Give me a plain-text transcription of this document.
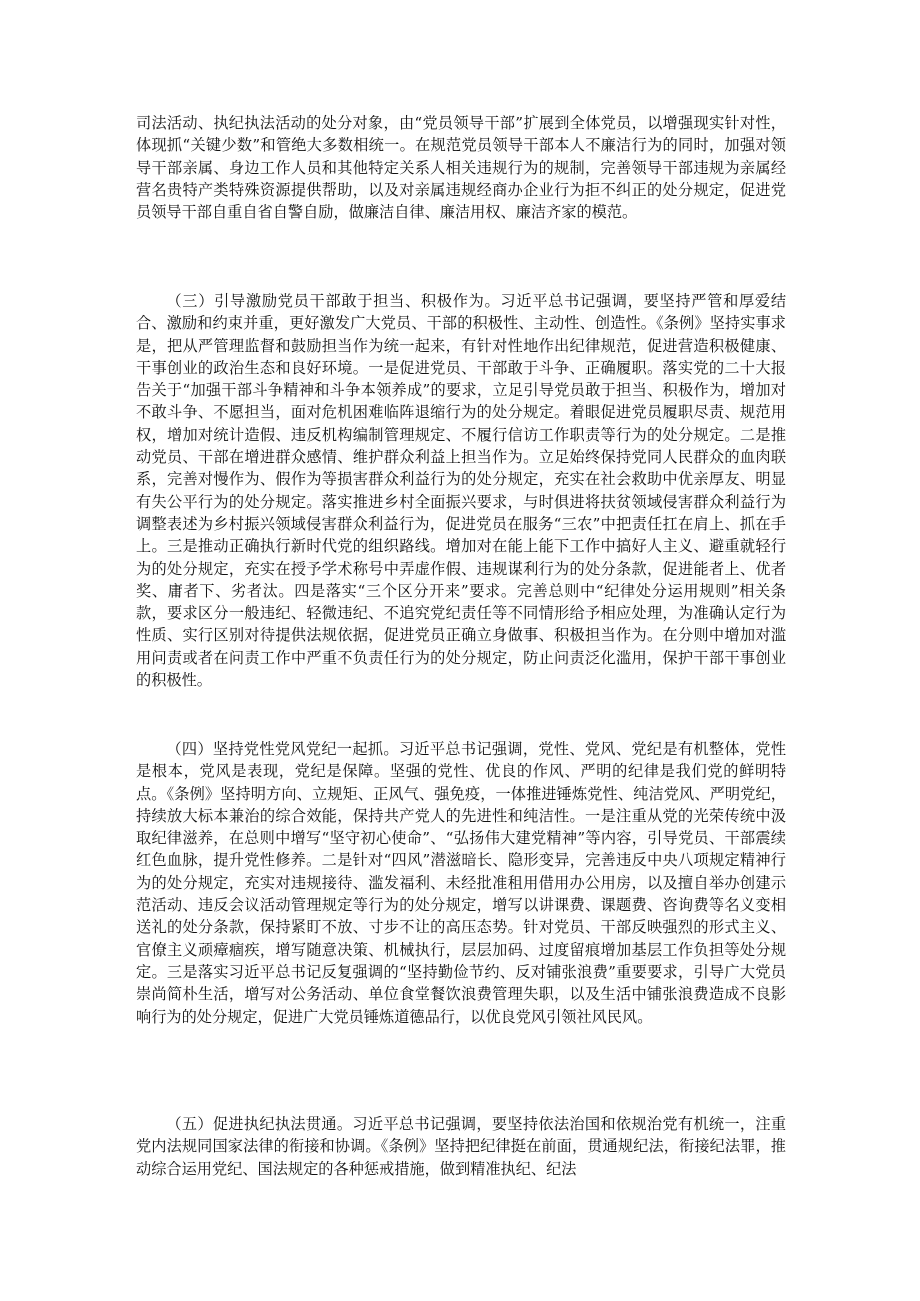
司法活动、执纪执法活动的处分对象，由“党员领导干部”扩展到全体党员，以增强现实针对性，体现抓“关键少数”和管绝大多数相统一。在规范党员领导干部本人不廉洁行为的同时，加强对领导干部亲属、身边工作人员和其他特定关系人相关违规行为的规制，完善领导干部违规为亲属经营名贵特产类特殊资源提供帮助，以及对亲属违规经商办企业行为拒不纠正的处分规定，促进党员领导干部自重自省自警自励，做廉洁自律、廉洁用权、廉洁齐家的模范。

（三）引导激励党员干部敢于担当、积极作为。习近平总书记强调，要坚持严管和厚爱结合、激励和约束并重，更好激发广大党员、干部的积极性、主动性、创造性。《条例》坚持实事求是，把从严管理监督和鼓励担当作为统一起来，有针对性地作出纪律规范，促进营造积极健康、干事创业的政治生态和良好环境。一是促进党员、干部敢于斗争、正确履职。落实党的二十大报告关于“加强干部斗争精神和斗争本领养成”的要求，立足引导党员敢于担当、积极作为，增加对不敢斗争、不愿担当，面对危机困难临阵退缩行为的处分规定。着眼促进党员履职尽责、规范用权，增加对统计造假、违反机构编制管理规定、不履行信访工作职责等行为的处分规定。二是推动党员、干部在增进群众感情、维护群众利益上担当作为。立足始终保持党同人民群众的血肉联系，完善对慢作为、假作为等损害群众利益行为的处分规定，充实在社会救助中优亲厚友、明显有失公平行为的处分规定。落实推进乡村全面振兴要求，与时俱进将扶贫领域侵害群众利益行为调整表述为乡村振兴领域侵害群众利益行为，促进党员在服务“三农”中把责任扛在肩上、抓在手上。三是推动正确执行新时代党的组织路线。增加对在能上能下工作中搞好人主义、避重就轻行为的处分规定，充实在授予学术称号中弄虚作假、违规谋利行为的处分条款，促进能者上、优者奖、庸者下、劣者汰。四是落实“三个区分开来”要求。完善总则中“纪律处分运用规则”相关条款，要求区分一般违纪、轻微违纪、不追究党纪责任等不同情形给予相应处理，为准确认定行为性质、实行区别对待提供法规依据，促进党员正确立身做事、积极担当作为。在分则中增加对滥用问责或者在问责工作中严重不负责任行为的处分规定，防止问责泛化滥用，保护干部干事创业的积极性。

（四）坚持党性党风党纪一起抓。习近平总书记强调，党性、党风、党纪是有机整体，党性是根本，党风是表现，党纪是保障。坚强的党性、优良的作风、严明的纪律是我们党的鲜明特点。《条例》坚持明方向、立规矩、正风气、强免疫，一体推进锤炼党性、纯洁党风、严明党纪，持续放大标本兼治的综合效能，保持共产党人的先进性和纯洁性。一是注重从党的光荣传统中汲取纪律滋养，在总则中增写“坚守初心使命”、“弘扬伟大建党精神”等内容，引导党员、干部震续红色血脉，提升党性修养。二是针对“四风”潜滋暗长、隐形变异，完善违反中央八项规定精神行为的处分规定，充实对违规接待、滥发福利、未经批准租用借用办公用房，以及擅自举办创建示范活动、违反会议活动管理规定等行为的处分规定，增写以讲课费、课题费、咨询费等名义变相送礼的处分条款，保持紧盯不放、寸步不让的高压态势。针对党员、干部反映强烈的形式主义、官僚主义顽瘴痼疾，增写随意决策、机械执行，层层加码、过度留痕增加基层工作负担等处分规定。三是落实习近平总书记反复强调的“坚持勤俭节约、反对铺张浪费”重要要求，引导广大党员崇尚简朴生活，增写对公务活动、单位食堂餐饮浪费管理失职，以及生活中铺张浪费造成不良影响行为的处分规定，促进广大党员锤炼道德品行，以优良党风引领社风民风。

（五）促进执纪执法贯通。习近平总书记强调，要坚持依法治国和依规治党有机统一，注重党内法规同国家法律的衔接和协调。《条例》坚持把纪律挺在前面，贯通规纪法，衔接纪法罪，推动综合运用党纪、国法规定的各种惩戒措施，做到精准执纪、纪法
